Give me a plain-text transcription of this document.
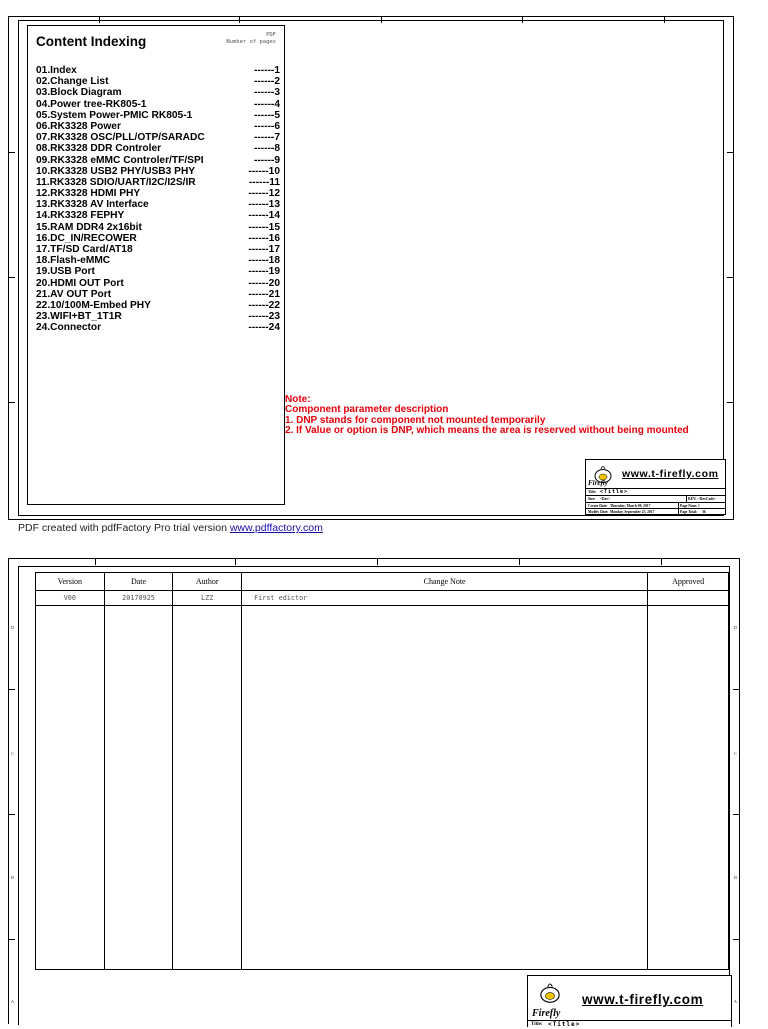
Content Indexing	PDF
Number of pages
01.Index	------1
02.Change List	------2
03.Block Diagram	------3
04.Power tree-RK805-1	------4
05.System Power-PMIC RK805-1	------5
06.RK3328 Power	------6
07.RK3328 OSC/PLL/OTP/SARADC	------7
08.RK3328 DDR Controler	------8
09.RK3328 eMMC Controler/TF/SPI	------9
10.RK3328 USB2 PHY/USB3 PHY	------10
11.RK3328 SDIO/UART/I2C/I2S/IR	------11
12.RK3328 HDMI PHY	------12
13.RK3328 AV Interface	------13
14.RK3328 FEPHY	------14
15.RAM DDR4 2x16bit	------15
16.DC_IN/RECOWER	------16
17.TF/SD Card/AT18	------17
18.Flash-eMMC	------18
19.USB Port	------19
20.HDMI OUT Port	------20
21.AV OUT Port	------21
22.10/100M-Embed PHY	------22
23.WIFI+BT_1T1R	------23
24.Connector	------24
Note:
Component parameter description
1. DNP stands for component not mounted temporarily
2. If Value or option is DNP, which means the area is reserved without being mounted
Firefly
www.t-firefly.com
Title: <Title>
Size: <Doc>	REV: <RevCode>
Create Date: Thursday, March 09, 2017	Page Num: 1
Modify Date: Monday, September 25, 2017	Page Total: 36
PDF created with pdfFactory Pro trial version www.pdffactory.com
D
C
B
A
D
C
B
A
Version	Date	Author	Change Note	Approved
V00	20170925	LZZ	First edictor	

Firefly
www.t-firefly.com
Title: <Title>
